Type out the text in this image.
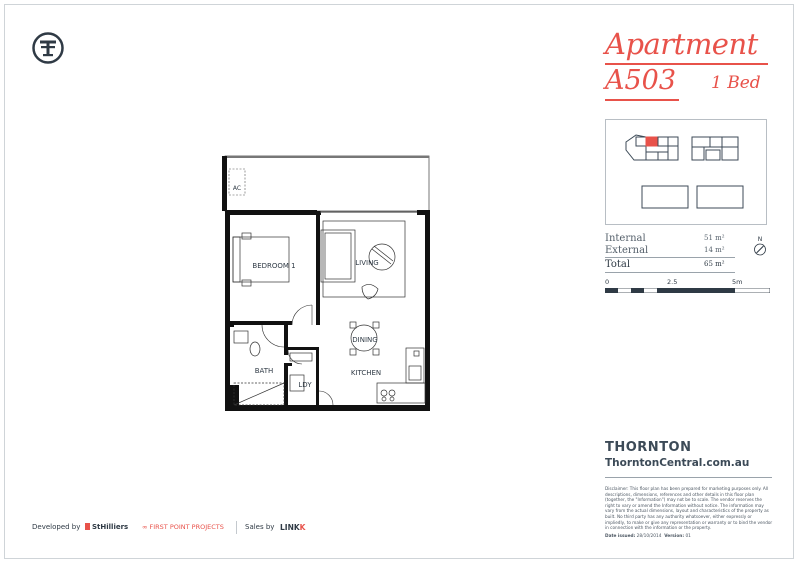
Apartment
A503 1 Bed
Internal	51 m²
External	14 m²
Total	65 m²
N
0	2.5	5m
AC
BEDROOM 1	LIVING
DINING
BATH
LDY
KITCHEN
THORNTON
ThorntonCentral.com.au
Disclaimer: This floor plan has been prepared for marketing purposes only. All descriptions, dimensions, references and other details in this floor plan (together, the "Information") may not be to scale. The vendor reserves the right to vary or amend the Information without notice. The information may vary from the actual dimensions, layout and characteristics of the property as built. No third party has any authority whatsoever, either expressly or impliedly, to make or give any representation or warranty or to bind the vendor in connection with the information or the property.
Date issued: 28/10/2014 Version: 01
Developed by	StHilliers ∞ FIRST POINT PROJECTS	Sales by LINKK
